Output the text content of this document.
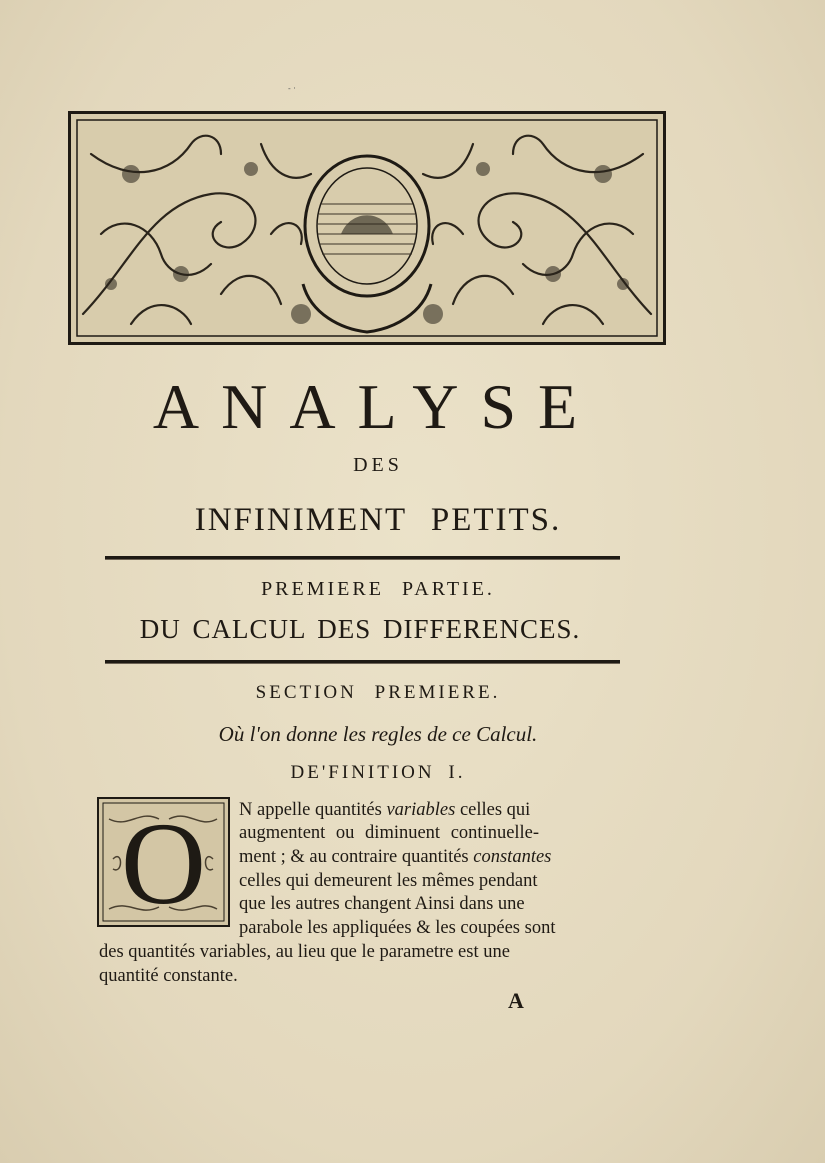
- ·
ANALYSE
DES
INFINIMENT PETITS.
PREMIERE PARTIE.
DU CALCUL DES DIFFERENCES.
SECTION PREMIERE.
Où l'on donne les regles de ce Calcul.
DE'FINITION I.
O	N appelle quantités variables celles qui
augmentent ou diminuent continuelle-
ment ; & au contraire quantités constantes
celles qui demeurent les mêmes pendant
que les autres changent Ainsi dans une
parabole les appliquées & les coupées sont
des quantités variables, au lieu que le parametre est une
quantité constante.
A
